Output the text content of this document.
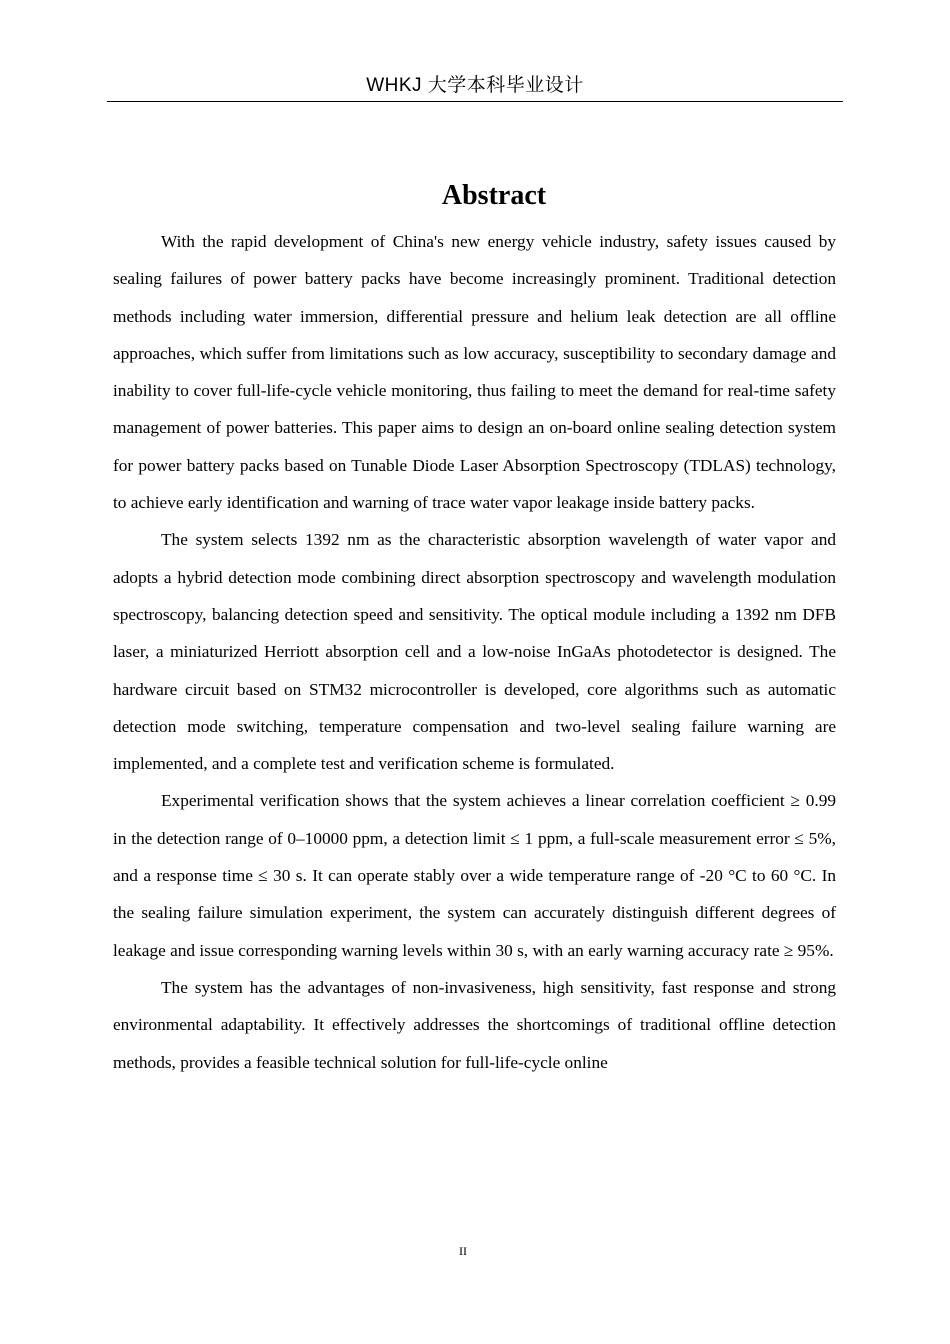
WHKJ 大学本科毕业设计
Abstract

With the rapid development of China's new energy vehicle industry, safety issues caused by sealing failures of power battery packs have become increasingly prominent. Traditional detection methods including water immersion, differential pressure and helium leak detection are all offline approaches, which suffer from limitations such as low accuracy, susceptibility to secondary damage and inability to cover full-life-cycle vehicle monitoring, thus failing to meet the demand for real-time safety management of power batteries. This paper aims to design an on-board online sealing detection system for power battery packs based on Tunable Diode Laser Absorption Spectroscopy (TDLAS) technology, to achieve early identification and warning of trace water vapor leakage inside battery packs.

The system selects 1392 nm as the characteristic absorption wavelength of water vapor and adopts a hybrid detection mode combining direct absorption spectroscopy and wavelength modulation spectroscopy, balancing detection speed and sensitivity. The optical module including a 1392 nm DFB laser, a miniaturized Herriott absorption cell and a low-noise InGaAs photodetector is designed. The hardware circuit based on STM32 microcontroller is developed, core algorithms such as automatic detection mode switching, temperature compensation and two-level sealing failure warning are implemented, and a complete test and verification scheme is formulated.

Experimental verification shows that the system achieves a linear correlation coefficient ≥ 0.99 in the detection range of 0–10000 ppm, a detection limit ≤ 1 ppm, a full-scale measurement error ≤ 5%, and a response time ≤ 30 s. It can operate stably over a wide temperature range of -20 °C to 60 °C. In the sealing failure simulation experiment, the system can accurately distinguish different degrees of leakage and issue corresponding warning levels within 30 s, with an early warning accuracy rate ≥ 95%.

The system has the advantages of non-invasiveness, high sensitivity, fast response and strong environmental adaptability. It effectively addresses the shortcomings of traditional offline detection methods, provides a feasible technical solution for full-life-cycle online

II
